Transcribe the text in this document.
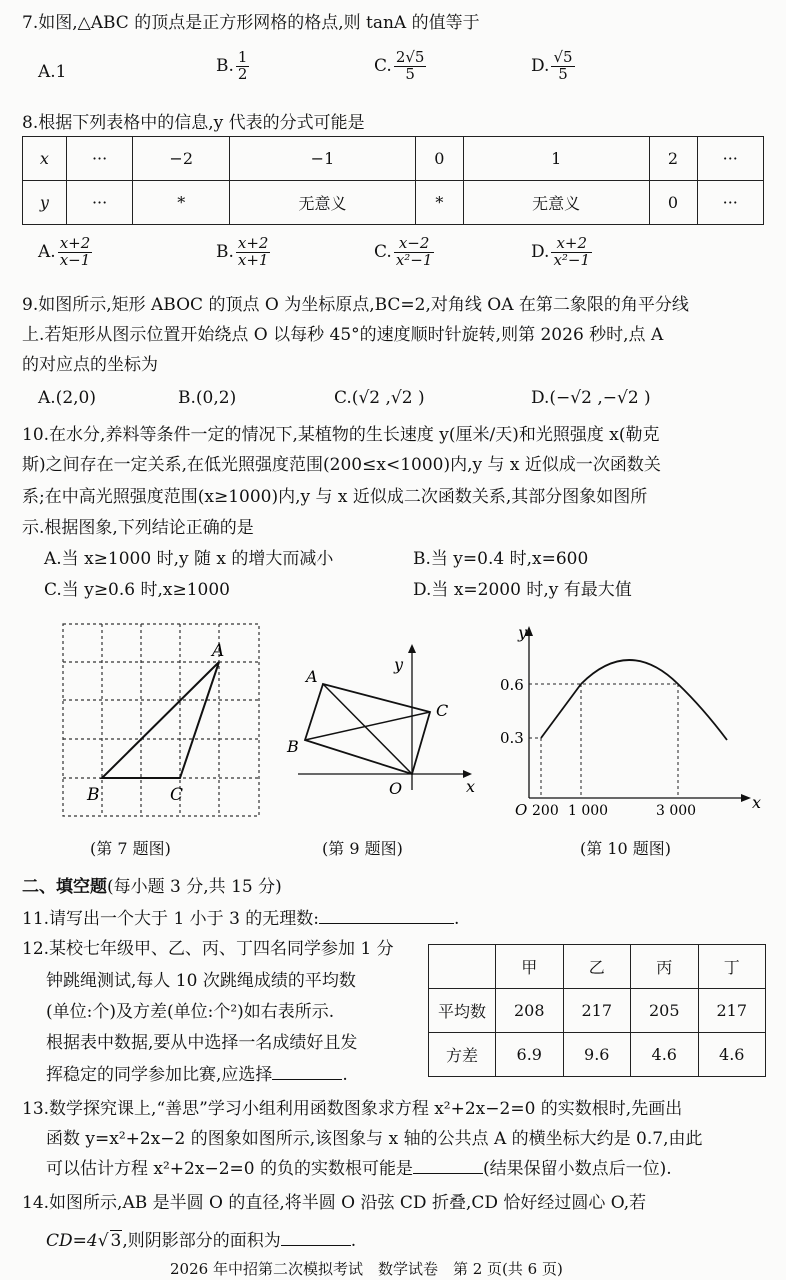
7.如图,△ABC 的顶点是正方形网格的格点,则 tanA 的值等于
A.1	B. $\frac{1}{2}$	C. $\frac{2√5}{5}$	D. $\frac{√5}{5}$
8.根据下列表格中的信息,y 代表的分式可能是
x	···	−2	−1	0	1	2	···
y	···	*	无意义	*	无意义	0	···
A. $\frac{x+2}{x-1}$	B. $\frac{x+2}{x+1}$	C. $\frac{x-2}{\text{x²−1}}$	D. $\frac{x+2}{\text{x²−1}}$
9.如图所示,矩形 ABOC 的顶点 O 为坐标原点,BC=2,对角线 OA 在第二象限的角平分线
上.若矩形从图示位置开始绕点 O 以每秒 45°的速度顺时针旋转,则第 2026 秒时,点 A
的对应点的坐标为
A.(2,0)	B.(0,2)	C.(√2 ,√2 )	D.(−√2 ,−√2 )
10.在水分,养料等条件一定的情况下,某植物的生长速度 y(厘米/天)和光照强度 x(勒克
斯)之间存在一定关系,在低光照强度范围(200≤x<1000)内,y 与 x 近似成一次函数关
系;在中高光照强度范围(x≥1000)内,y 与 x 近似成二次函数关系,其部分图象如图所
示.根据图象,下列结论正确的是
A.当 x≥1000 时,y 随 x 的增大而减小	B.当 y=0.4 时,x=600
C.当 y≥0.6 时,x≥1000	D.当 x=2000 时,y 有最大值
A
B	C
(第 7 题图)
A
B
C
O	x
y
(第 9 题图)
0.6
0.3
y
x
O 200 1 000	3 000
(第 10 题图)
二、填空题(每小题 3 分,共 15 分)
11.请写出一个大于 1 小于 3 的无理数:	.
12.某校七年级甲、乙、丙、丁四名同学参加 1 分
钟跳绳测试,每人 10 次跳绳成绩的平均数
(单位:个)及方差(单位:个²)如右表所示.
根据表中数据,要从中选择一名成绩好且发
挥稳定的同学参加比赛,应选择	.
	甲	乙	丙	丁
平均数	208	217	205	217
方差	6.9	9.6	4.6	4.6
13.数学探究课上,“善思”学习小组利用函数图象求方程 x²+2x−2=0 的实数根时,先画出
函数 y=x²+2x−2 的图象如图所示,该图象与 x 轴的公共点 A 的横坐标大约是 0.7,由此
可以估计方程 x²+2x−2=0 的负的实数根可能是	(结果保留小数点后一位).
14.如图所示,AB 是半圆 O 的直径,将半圆 O 沿弦 CD 折叠,CD 恰好经过圆心 O,若
CD=4√ 3,则阴影部分的面积为	.
2026 年中招第二次模拟考试　数学试卷　第 2 页(共 6 页)
